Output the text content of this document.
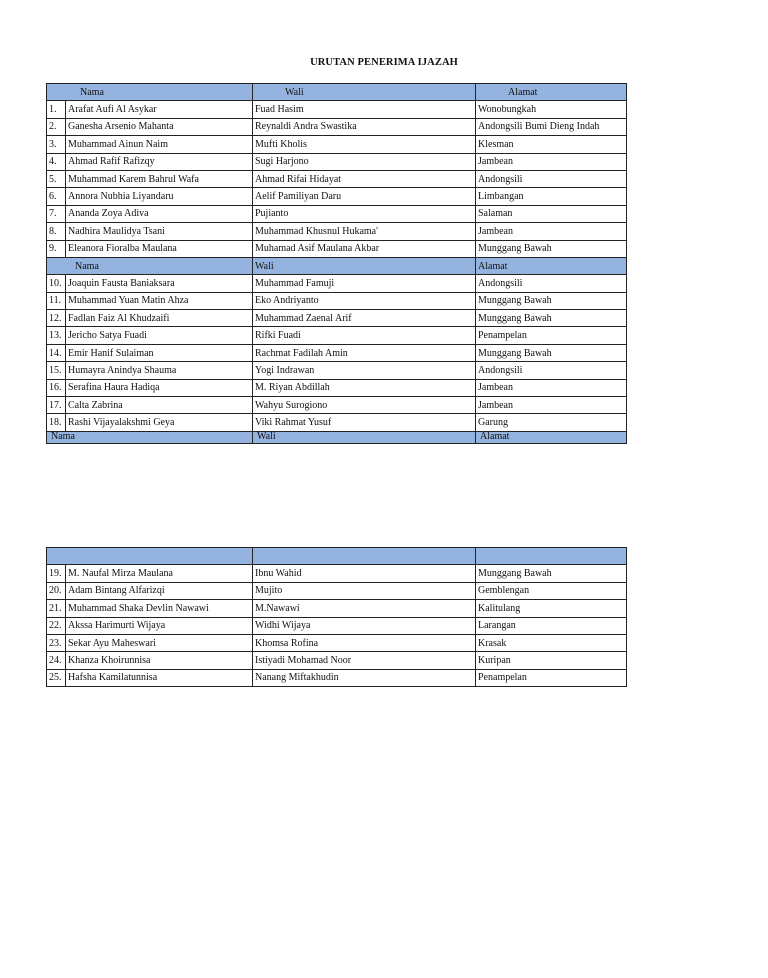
URUTAN PENERIMA IJAZAH
Nama		Wali	Alamat
1.	Arafat Aufi Al Asykar	Fuad Hasim	Wonobungkah
2.	Ganesha Arsenio Mahanta	Reynaldi Andra Swastika	Andongsili Bumi Dieng Indah
3.	Muhammad Ainun Naim	Mufti Kholis	Klesman
4.	Ahmad Rafif Rafizqy	Sugi Harjono	Jambean
5.	Muhammad Karem Bahrul Wafa	Ahmad Rifai Hidayat	Andongsili
6.	Annora Nubhia Liyandaru	Aelif Pamiliyan Daru	Limbangan
7.	Ananda Zoya Adiva	Pujianto	Salaman
8.	Nadhira Maulidya Tsani	Muhammad Khusnul Hukama'	Jambean
9.	Eleanora Fioralba Maulana	Muhamad Asif Maulana Akbar	Munggang Bawah
Nama		Wali	Alamat
10.	Joaquin Fausta Baniaksara	Muhammad Famuji	Andongsili
11.	Muhammad Yuan Matin Ahza	Eko Andriyanto	Munggang Bawah
12.	Fadlan Faiz Al Khudzaifi	Muhammad Zaenal Arif	Munggang Bawah
13.	Jericho Satya Fuadi	Rifki Fuadi	Penampelan
14.	Emir Hanif Sulaiman	Rachmat Fadilah Amin	Munggang Bawah
15.	Humayra Anindya Shauma	Yogi Indrawan	Andongsili
16.	Serafina Haura Hadiqa	M. Riyan Abdillah	Jambean
17.	Calta Zabrina	Wahyu Surogiono	Jambean
18.	Rashi Vijayalakshmi Geya	Viki Rahmat Yusuf	Garung
Nama		Wali	Alamat

19.	M. Naufal Mirza Maulana	Ibnu Wahid	Munggang Bawah
20.	Adam Bintang Alfarizqi	Mujito	Gemblengan
21.	Muhammad Shaka Devlin Nawawi	M.Nawawi	Kalitulang
22.	Akssa Harimurti Wijaya	Widhi Wijaya	Larangan
23.	Sekar Ayu Maheswari	Khomsa Rofina	Krasak
24.	Khanza Khoirunnisa	Istiyadi Mohamad Noor	Kuripan
25.	Hafsha Kamilatunnisa	Nanang Miftakhudin	Penampelan
